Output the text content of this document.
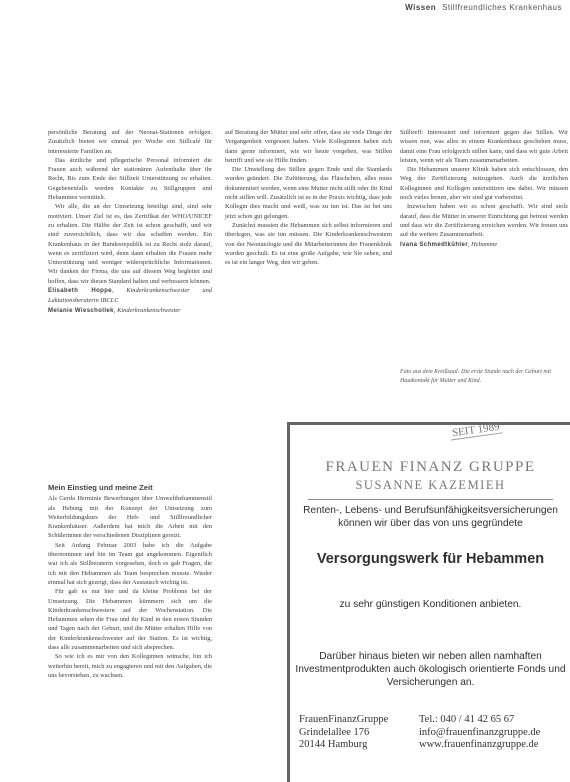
Wissen Stillfreundliches Krankenhaus

persönliche Beratung auf der Neonat-Stationen erfolgen. Zusätzlich bieten wir einmal pro Woche ein Stillcafé für interessierte Familien an.

Das ärztliche und pflegerische Personal informiert die Frauen auch während der stationären Aufenthalte über ihr Recht, Bis zum Ende der Stillzeit Unterstützung zu erhalten. Gegebenenfalls werden Kontakte zu Stillgruppen und Hebammen vermittelt.

Wir alle, die an der Umsetzung beteiligt sind, sind sehr motiviert. Unser Ziel ist es, das Zertifikat der WHO/UNICEF zu erhalten. Die Hälfte der Zeit ist schon geschafft, und wir sind zuversichtlich, dass wir das schaffen werden. Ein Krankenhaus in der Bundesrepublik ist zu Recht stolz darauf, wenn es zertifiziert wird, denn dann erhalten die Frauen mehr Unterstützung und weniger widersprüchliche Informationen. Wir danken der Firma, die uns auf diesem Weg begleitet und hoffen, dass wir diesen Standard halten und verbessern können.

Elisabeth Hoppe, Kinderkrankenschwester und Laktationsberaterin IBCLC
Melanie Wieschollek, Kinderkrankenschwester
Mein Einstieg und meine Zeit

Als Gerda Herminie Bewerbungen über Umwelthebammenstil als Hebung mit der Konzept der Umsetzung zum Weiterbildungskurs der Heb- und Stillfreundlicher Krankenhäuser. Außerdem hat mich die Arbeit mit den Schülerinnen der verschiedenen Disziplinen gereizt.

Seit Anfang Februar 2003 habe ich die Aufgabe übernommen und bin im Team gut angekommen. Eigentlich war ich als Stillberaterin vorgesehen, doch es gab Fragen, die ich mit den Hebammen als Team besprechen musste. Wieder einmal hat sich gezeigt, dass der Austausch wichtig ist.

Für gab es nur hier und da kleine Probleme bei der Umsetzung. Die Hebammen kümmern sich um die Kinderkrankenschwestern auf der Wochenstation. Die Hebammen sehen die Frau und ihr Kind in den ersten Stunden und Tagen nach der Geburt, und die Mütter erhalten Hilfe von der Kinderkrankenschwester auf der Station. Es ist wichtig, dass alle zusammenarbeiten und sich absprechen.

So wie ich es mir von den Kolleginnen wünsche, bin ich weiterhin bereit, mich zu engagieren und mit den Aufgaben, die uns bevorstehen, zu wachsen.

auf Beratung der Mütter und sehr offen, dass sie viele Dinge der Vergangenheit vergessen haben. Viele Kolleginnen haben sich dann gerne informiert, wie wir heute vorgehen, was Stillen betrifft und wie sie Hilfe finden.

Die Umstellung des Stillen gegen Ende und die Standards wurden geändert. Die Zufütterung, das Fläschchen, alles muss dokumentiert werden, wenn eine Mutter nicht stillt oder ihr Kind nicht stillen will. Zusätzlich ist es in der Praxis wichtig, dass jede Kollegin dies macht und weiß, was zu tun ist. Das ist bei uns jetzt schon gut gelungen.

Zunächst mussten die Hebammen sich selbst informieren und überlegen, was sie tun müssen. Die Kinderkrankenschwestern von der Neonatologie und die Mitarbeiterinnen der Frauenklinik wurden geschult. Es ist eine große Aufgabe, wie Sie sehen, und es ist ein langer Weg, den wir gehen.

Stilltreff: Interessiert und informiert gegen das Stillen. Wir wissen nun, was alles in einem Krankenhaus geschehen muss, damit eine Frau erfolgreich stillen kann, und dass wir gute Arbeit leisten, wenn wir als Team zusammenarbeiten.

Die Hebammen unserer Klinik haben sich entschlossen, den Weg der Zertifizierung mitzugehen. Auch die ärztlichen Kolleginnen und Kollegen unterstützen uns dabei. Wir müssen noch vieles lernen, aber wir sind gut vorbereitet.

Inzwischen haben wir es schon geschafft. Wir sind stolz darauf, dass die Mütter in unserer Einrichtung gut betreut werden und dass wir die Zertifizierung erreichen werden. Wir freuen uns auf die weitere Zusammenarbeit.

Ivana Schmedtkühler, Hebamme
Foto aus dem Kreißsaal: Die erste Stunde nach der Geburt mit Hautkontakt für Mutter und Kind.
SEIT 1989
FRAUEN FINANZ GRUPPE
SUSANNE KAZEMIEH
Renten-, Lebens- und Berufsunfähigkeitsversicherungen können wir über das von uns gegründete
Versorgungswerk für Hebammen
zu sehr günstigen Konditionen anbieten.
Darüber hinaus bieten wir neben allen namhaften Investmentprodukten auch ökologisch orientierte Fonds und Versicherungen an.
FrauenFinanzGruppe
Grindelallee 176
20144 Hamburg
Tel.: 040 / 41 42 65 67
info@frauenfinanzgruppe.de
www.frauenfinanzgruppe.de
